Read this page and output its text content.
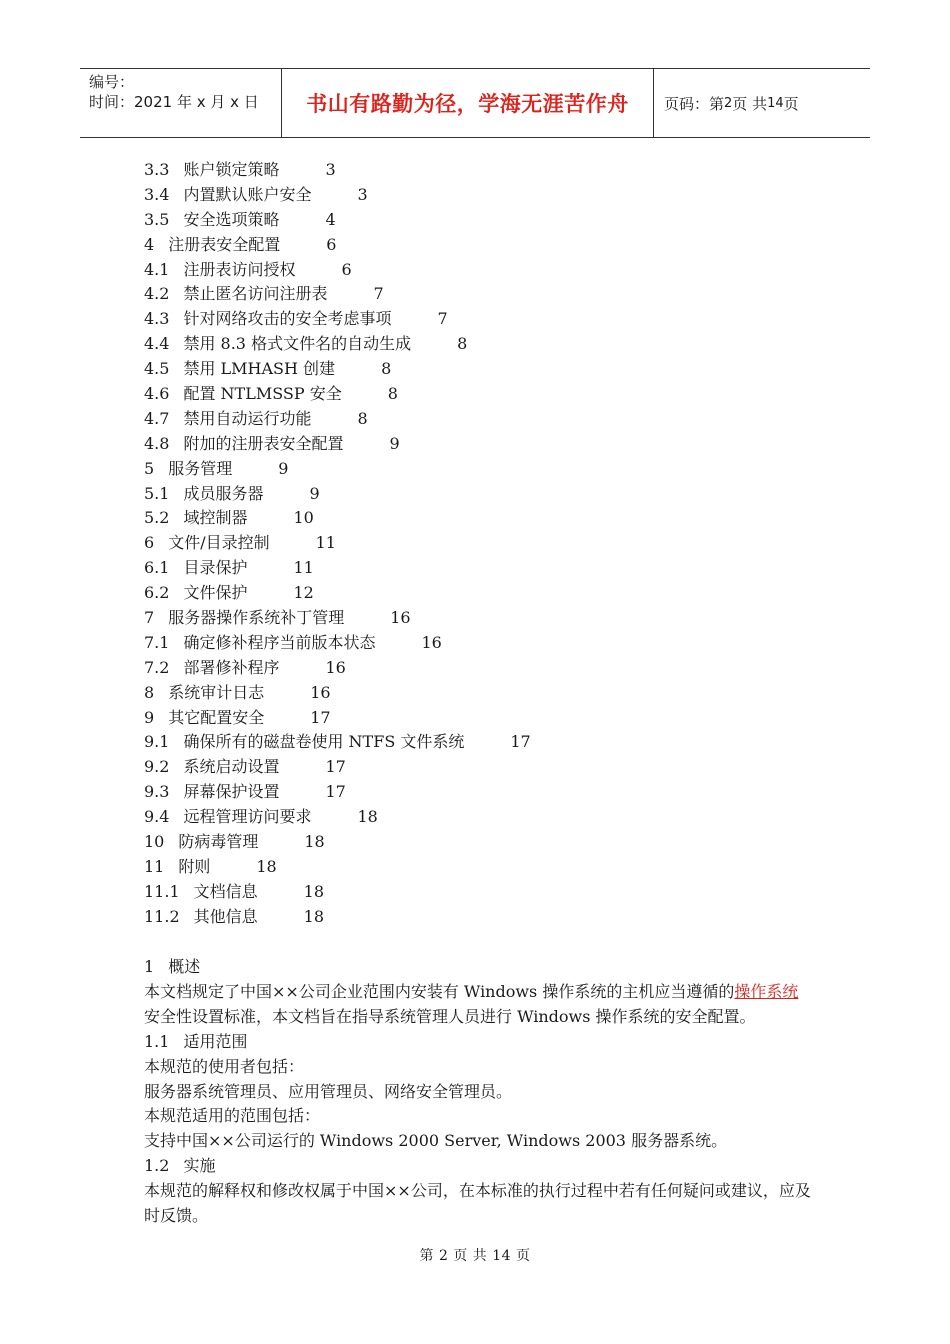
编号：
时间：2021 年 x 月 x 日	书山有路勤为径，学海无涯苦作舟	页码：第 2 页 共 14 页
3.3 账户锁定策略	3
3.4 内置默认账户安全	3
3.5 安全选项策略	4
4 注册表安全配置	6
4.1 注册表访问授权	6
4.2 禁止匿名访问注册表	7
4.3 针对网络攻击的安全考虑事项	7
4.4 禁用 8.3 格式文件名的自动生成	8
4.5 禁用 LMHASH 创建	8
4.6 配置 NTLMSSP 安全	8
4.7 禁用自动运行功能	8
4.8 附加的注册表安全配置	9
5 服务管理	9
5.1 成员服务器	9
5.2 域控制器	10
6 文件/目录控制	11
6.1 目录保护	11
6.2 文件保护	12
7 服务器操作系统补丁管理	16
7.1 确定修补程序当前版本状态	16
7.2 部署修补程序	16
8 系统审计日志	16
9 其它配置安全	17
9.1 确保所有的磁盘卷使用 NTFS 文件系统	17
9.2 系统启动设置	17
9.3 屏幕保护设置	17
9.4 远程管理访问要求	18
10 防病毒管理	18
11 附则	18
11.1 文档信息	18
11.2 其他信息	18

1 概述

本文档规定了中国××公司企业范围内安装有 Windows 操作系统的主机应当遵循的操作系统

安全性设置标准，本文档旨在指导系统管理人员进行 Windows 操作系统的安全配置。

1.1 适用范围

本规范的使用者包括：

服务器系统管理员、应用管理员、网络安全管理员。

本规范适用的范围包括：

支持中国××公司运行的 Windows 2000 Server, Windows 2003 服务器系统。

1.2 实施

本规范的解释权和修改权属于中国××公司，在本标准的执行过程中若有任何疑问或建议，应及时反馈。

第 2 页 共 14 页
